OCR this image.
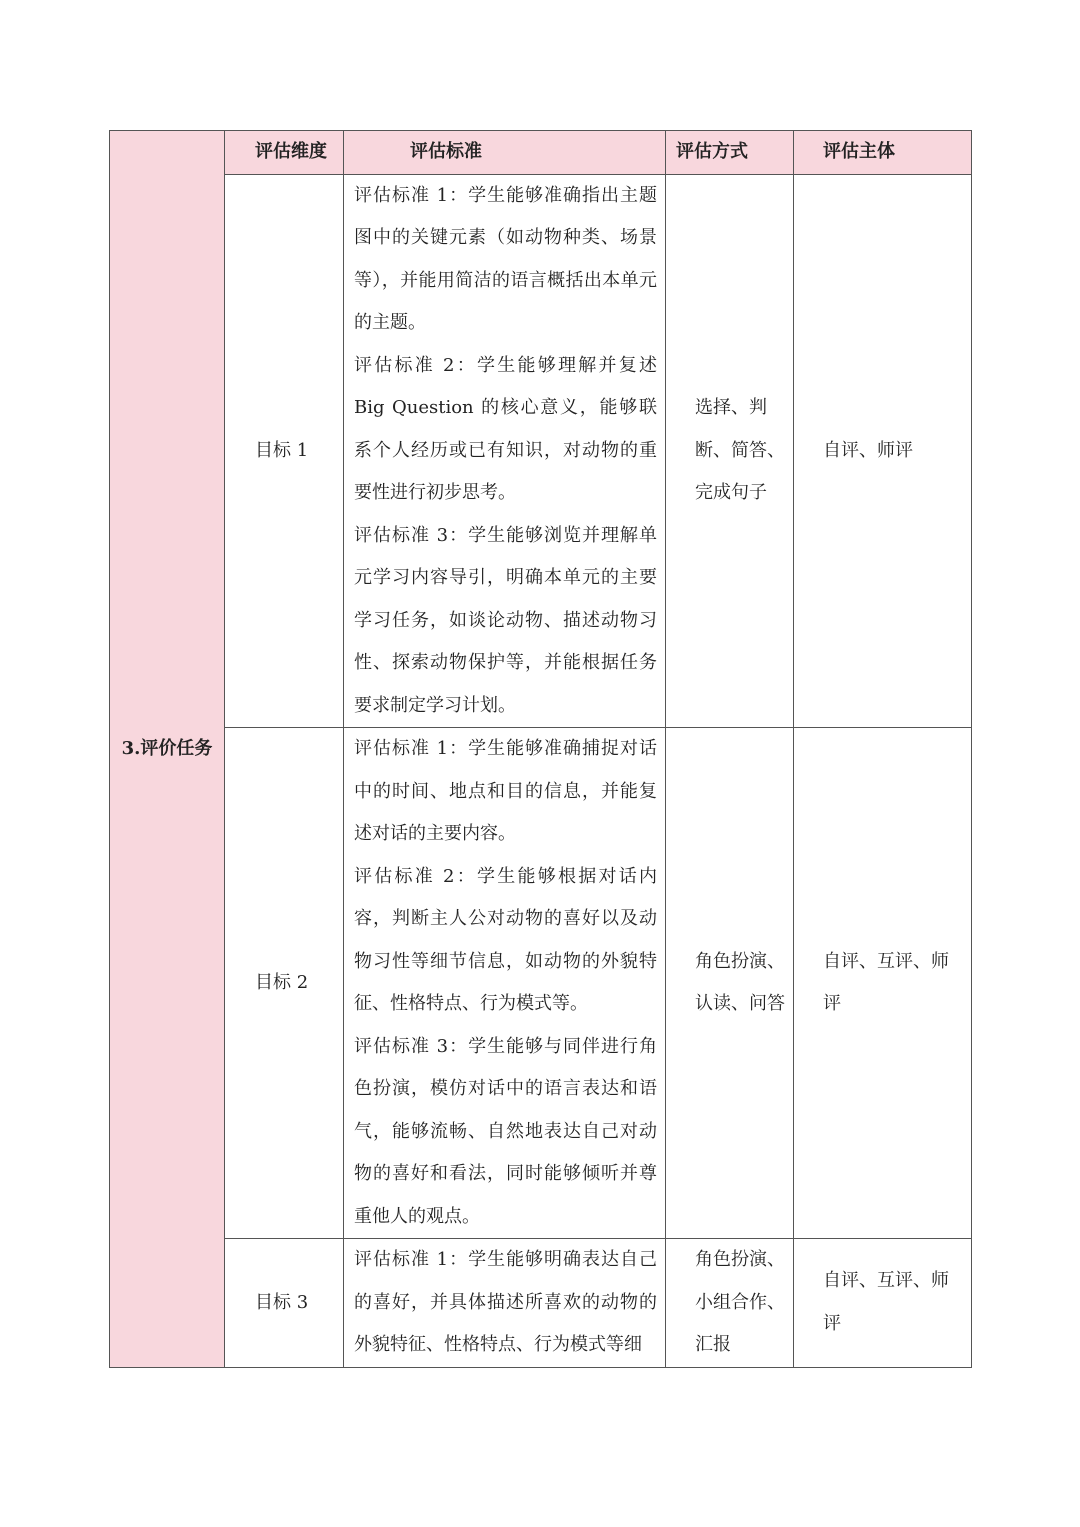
3.评价任务	评估维度	评估标准	评估方式	评估主体
	目标 1	评估标准 1：学生能够准确指出主题图中的关键元素（如动物种类、场景等），并能用简洁的语言概括出本单元的主题。
评估标准 2：学生能够理解并复述 Big Question 的核心意义，能够联系个人经历或已有知识，对动物的重要性进行初步思考。
评估标准 3：学生能够浏览并理解单元学习内容导引，明确本单元的主要学习任务，如谈论动物、描述动物习性、探索动物保护等，并能根据任务要求制定学习计划。	选择、判断、简答、完成句子	自评、师评
	目标 2	评估标准 1：学生能够准确捕捉对话中的时间、地点和目的信息，并能复述对话的主要内容。
评估标准 2：学生能够根据对话内容，判断主人公对动物的喜好以及动物习性等细节信息，如动物的外貌特征、性格特点、行为模式等。
评估标准 3：学生能够与同伴进行角色扮演，模仿对话中的语言表达和语气，能够流畅、自然地表达自己对动物的喜好和看法，同时能够倾听并尊重他人的观点。	角色扮演、认读、问答	自评、互评、师评
	目标 3	评估标准 1：学生能够明确表达自己的喜好，并具体描述所喜欢的动物的外貌特征、性格特点、行为模式等细	角色扮演、小组合作、汇报	自评、互评、师评
